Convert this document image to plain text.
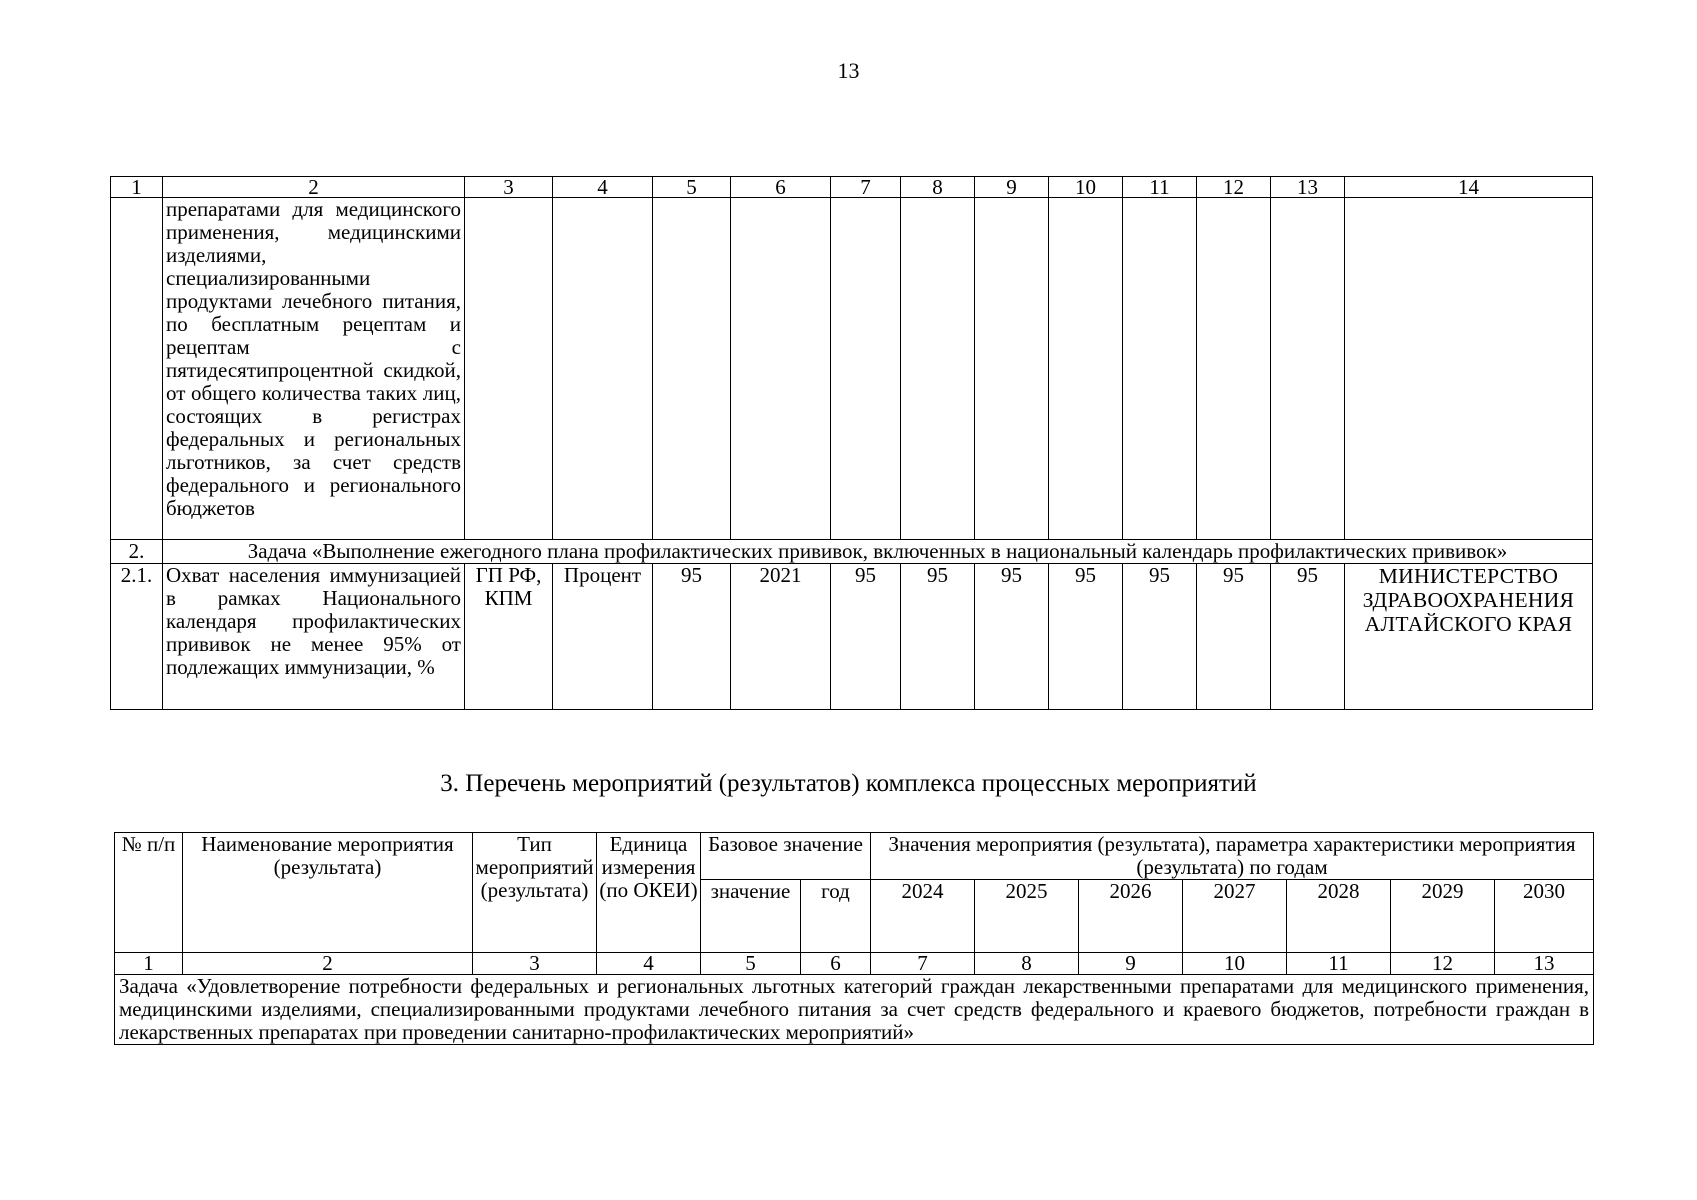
13
1	2	3	4	5	6	7	8	9	10	11	12	13	14
	препаратами для медицинского применения, медицинскими изделиями, специализированными продуктами лечебного питания, по бесплатным рецептам и рецептам с пятидесятипроцентной скидкой, от общего количества таких лиц, состоящих в регистрах федеральных и региональных льготников, за счет средств федерального и регионального бюджетов												
2.	Задача «Выполнение ежегодного плана профилактических прививок, включенных в национальный календарь профилактических прививок»												
2.1.	Охват населения иммунизацией в рамках Национального календаря профилактических прививок не менее 95% от подлежащих иммунизации, %	ГП РФ, КПМ	Процент	95	2021	95	95	95	95	95	95	95	МИНИСТЕРСТВО ЗДРАВООХРАНЕНИЯ АЛТАЙСКОГО КРАЯ
3. Перечень мероприятий (результатов) комплекса процессных мероприятий
№ п/п	Наименование мероприятия (результата)	Тип мероприятий (результата)	Единица измерения (по ОКЕИ)	Базовое значение		Значения мероприятия (результата), параметра характеристики мероприятия (результата) по годам						
				значение	год	2024	2025	2026	2027	2028	2029	2030
1	2	3	4	5	6	7	8	9	10	11	12	13
Задача «Удовлетворение потребности федеральных и региональных льготных категорий граждан лекарственными препаратами для медицинского применения, медицинскими изделиями, специализированными продуктами лечебного питания за счет средств федерального и краевого бюджетов, потребности граждан в лекарственных препаратах при проведении санитарно-профилактических мероприятий»												
